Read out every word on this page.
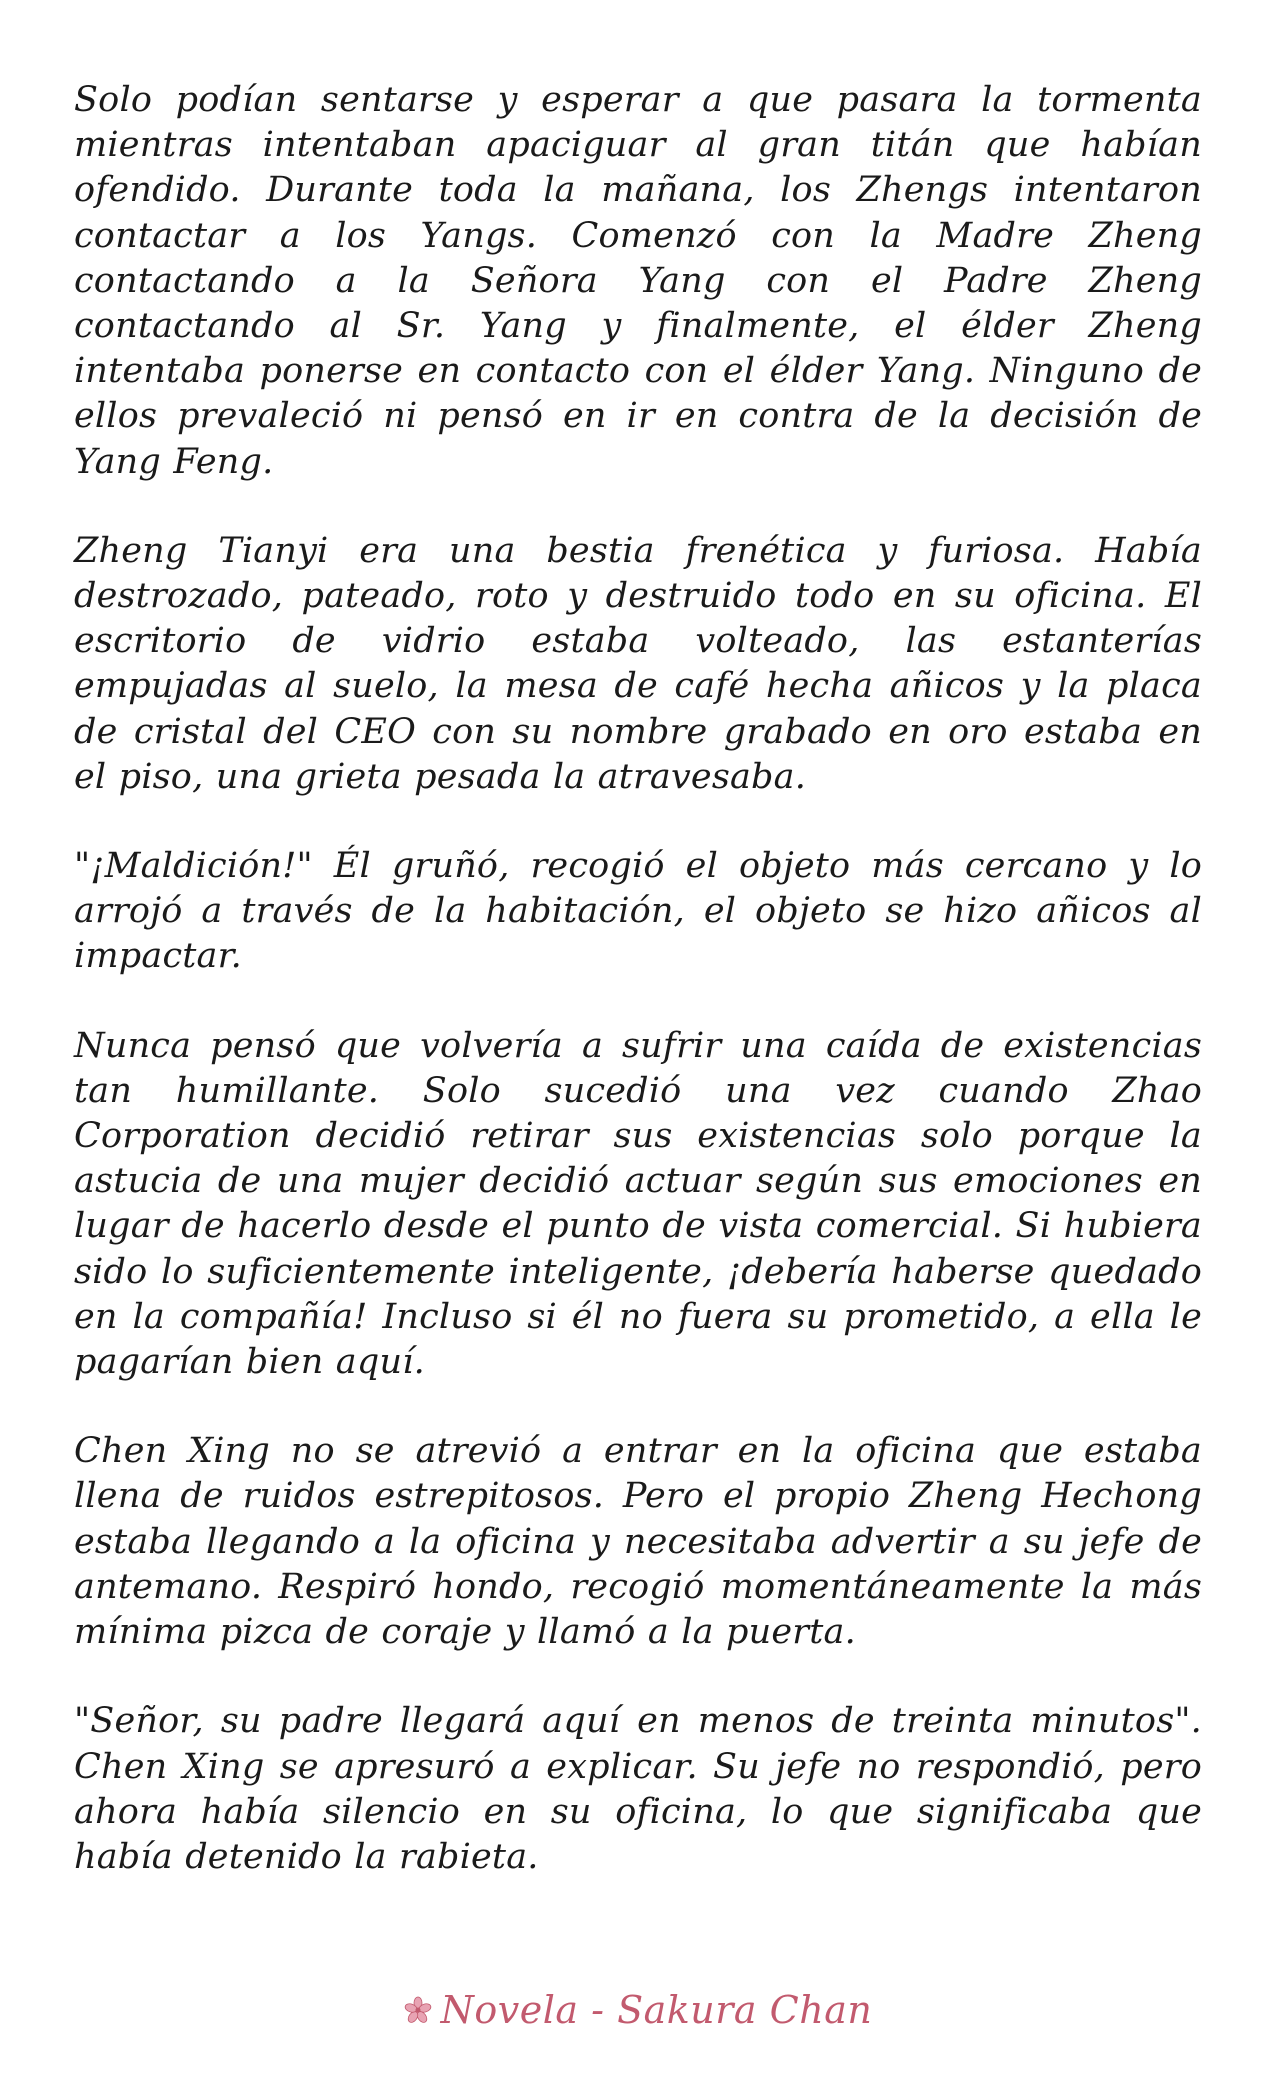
Solo podían sentarse y esperar a que pasara la tormenta mientras intentaban apaciguar al gran titán que habían ofendido. Durante toda la mañana, los Zhengs intentaron contactar a los Yangs. Comenzó con la Madre Zheng contactando a la Señora Yang con el Padre Zheng contactando al Sr. Yang y finalmente, el élder Zheng intentaba ponerse en contacto con el élder Yang. Ninguno de ellos prevaleció ni pensó en ir en contra de la decisión de Yang Feng.

Zheng Tianyi era una bestia frenética y furiosa. Había destrozado, pateado, roto y destruido todo en su oficina. El escritorio de vidrio estaba volteado, las estanterías empujadas al suelo, la mesa de café hecha añicos y la placa de cristal del CEO con su nombre grabado en oro estaba en el piso, una grieta pesada la atravesaba.

"¡Maldición!" Él gruñó, recogió el objeto más cercano y lo arrojó a través de la habitación, el objeto se hizo añicos al impactar.

Nunca pensó que volvería a sufrir una caída de existencias tan humillante. Solo sucedió una vez cuando Zhao Corporation decidió retirar sus existencias solo porque la astucia de una mujer decidió actuar según sus emociones en lugar de hacerlo desde el punto de vista comercial. Si hubiera sido lo suficientemente inteligente, ¡debería haberse quedado en la compañía! Incluso si él no fuera su prometido, a ella le pagarían bien aquí.

Chen Xing no se atrevió a entrar en la oficina que estaba llena de ruidos estrepitosos. Pero el propio Zheng Hechong estaba llegando a la oficina y necesitaba advertir a su jefe de antemano. Respiró hondo, recogió momentáneamente la más mínima pizca de coraje y llamó a la puerta.

"Señor, su padre llegará aquí en menos de treinta minutos". Chen Xing se apresuró a explicar. Su jefe no respondió, pero ahora había silencio en su oficina, lo que significaba que había detenido la rabieta.

Novela - Sakura Chan
